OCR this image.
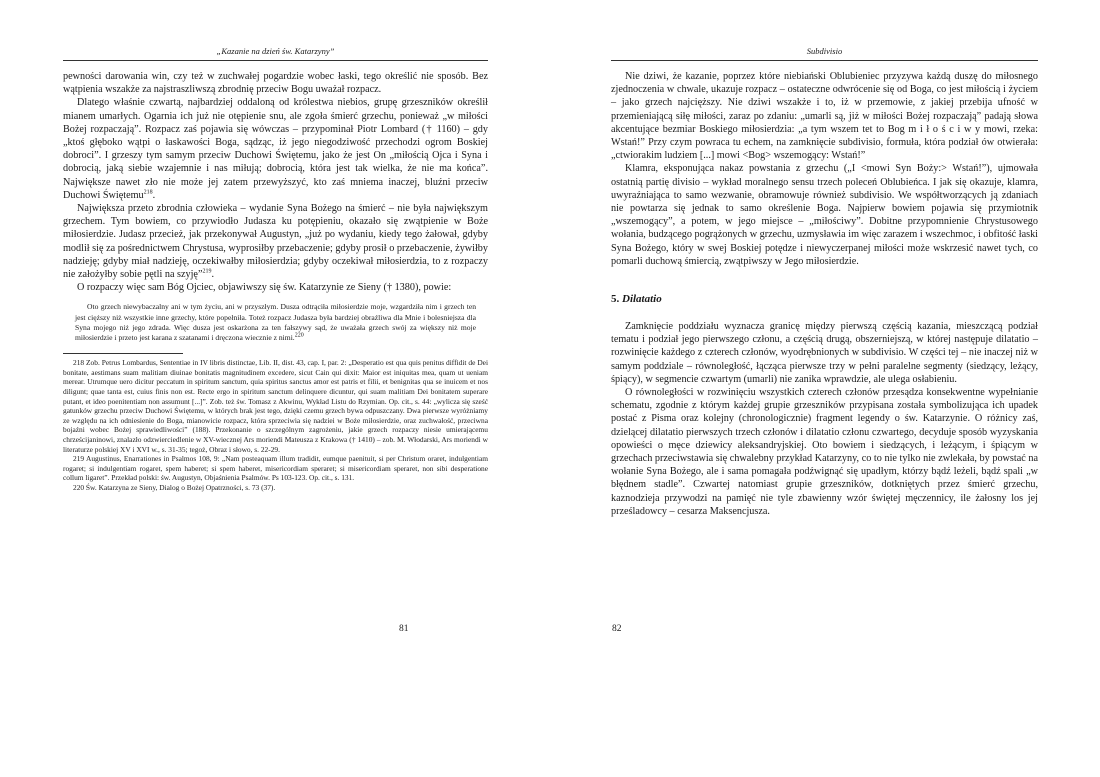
„Kazanie na dzień św. Katarzyny”

pewności darowania win, czy też w zuchwałej pogardzie wobec łaski, tego określić nie sposób. Bez wątpienia wszakże za najstraszliwszą zbrodnię przeciw Bogu uważał rozpacz.

Dlatego właśnie czwartą, najbardziej oddaloną od królestwa niebios, grupę grzeszników określił mianem umarłych. Ogarnia ich już nie otępienie snu, ale zgoła śmierć grzechu, ponieważ „w miłości Bożej rozpaczają”. Rozpacz zaś pojawia się wówczas – przypominał Piotr Lombard († 1160) – gdy „ktoś głęboko wątpi o łaskawości Boga, sądząc, iż jego niegodziwość przechodzi ogrom Boskiej dobroci”. I grzeszy tym samym przeciw Duchowi Świętemu, jako że jest On „miłością Ojca i Syna i dobrocią, jaką siebie wzajemnie i nas miłują; dobrocią, która jest tak wielka, że nie ma końca”. Największe nawet zło nie może jej zatem przewyższyć, kto zaś mniema inaczej, bluźni przeciw Duchowi Świętemu$^{218}$.

Największa przeto zbrodnia człowieka – wydanie Syna Bożego na śmierć – nie była największym grzechem. Tym bowiem, co przywiodło Judasza ku potępieniu, okazało się zwątpienie w Boże miłosierdzie. Judasz przecież, jak przekonywał Augustyn, „już po wydaniu, kiedy tego żałował, gdyby modlił się za pośrednictwem Chrystusa, wyprosiłby przebaczenie; gdyby prosił o przebaczenie, żywiłby nadzieję; gdyby miał nadzieję, oczekiwałby miłosierdzia; gdyby oczekiwał miłosierdzia, to z rozpaczy nie założyłby sobie pętli na szyję”$^{219}$.

O rozpaczy więc sam Bóg Ojciec, objawiwszy się św. Katarzynie ze Sieny († 1380), powie:

Oto grzech niewybaczalny ani w tym życiu, ani w przyszłym. Dusza odtrąciła miłosierdzie moje, wzgardziła nim i grzech ten jest cięższy niż wszystkie inne grzechy, które popełniła. Toteż rozpacz Judasza była bardziej obraźliwa dla Mnie i bolesniejsza dla Syna mojego niż jego zdrada. Więc dusza jest oskarżona za ten fałszywy sąd, że uważała grzech swój za większy niż moje miłosierdzie i przeto jest karana z szatanami i dręczona wiecznie z nimi.$^{220}$

218 Zob. Petrus Lombardus, Sententiae in IV libris distinctae, Lib. II, dist. 43, cap. I, par. 2: „Desperatio est qua quis penitus diffidit de Dei bonitate, aestimans suam malitiam diuinae bonitatis magnitudinem excedere, sicut Cain qui dixit: Maior est iniquitas mea, quam ut ueniam merear. Utrumque uero dicitur peccatum in spiritum sanctum, quia spiritus sanctus amor est patris et filii, et benignitas qua se inuicem et nos diligunt; quae tanta est, cuius finis non est. Recte ergo in spiritum sanctum delinquere dicuntur, qui suam malitiam Dei bonitatem superare putant, et ideo poenitentiam non assumunt [...]”. Zob. też św. Tomasz z Akwinu, Wykład Listu do Rzymian. Op. cit., s. 44: „wylicza się sześć gatunków grzechu przeciw Duchowi Świętemu, w których brak jest tego, dzięki czemu grzech bywa odpuszczany. Dwa pierwsze wyróżniamy ze względu na ich odniesienie do Boga, mianowicie rozpacz, która sprzeciwia się nadziei w Boże miłosierdzie, oraz zuchwałość, przeciwna bojaźni wobec Bożej sprawiedliwości” (188). Przekonanie o szczególnym zagrożeniu, jakie grzech rozpaczy niesie umierającemu chrześcijaninowi, znalazło odzwierciedlenie w XV-wiecznej Ars moriendi Mateusza z Krakowa († 1410) – zob. M. Włodarski, Ars moriendi w literaturze polskiej XV i XVI w., s. 31-35; tegoż, Obraz i słowo, s. 22-29.

219 Augustinus, Enarrationes in Psalmos 108, 9: „Nam posteaquam illum tradidit, eumque paenituit, si per Christum oraret, indulgentiam rogaret; si indulgentiam rogaret, spem haberet; si spem haberet, misericordiam speraret; si misericordiam speraret, non sibi desperatione collum ligaret”. Przekład polski: św. Augustyn, Objaśnienia Psalmów. Ps 103-123. Op. cit., s. 131.

220 Św. Katarzyna ze Sieny, Dialog o Bożej Opatrzności, s. 73 (37).

81
Subdivisio

Nie dziwi, że kazanie, poprzez które niebiański Oblubieniec przyzywa każdą duszę do miłosnego zjednoczenia w chwale, ukazuje rozpacz – ostateczne odwrócenie się od Boga, co jest miłością i życiem – jako grzech najcięższy. Nie dziwi wszakże i to, iż w przemowie, z jakiej przebija ufność w przemieniającą siłę miłości, zaraz po zdaniu: „umarli są, jiż w miłości Bożej rozpaczają” padają słowa akcentujące bezmiar Boskiego miłosierdzia: „a tym wszem tet to Bog m i ł o ś c i w y mowi, rzeka: Wstań!” Przy czym powraca tu echem, na zamknięcie subdivisio, formuła, która podział ów otwierała: „ctwiorakim ludziem [...] mowi <Bog> wszemogący: Wstań!”

Klamra, eksponująca nakaz powstania z grzechu („I <mowi Syn Boży:> Wstań!”), ujmowała ostatnią partię divisio – wykład moralnego sensu trzech poleceń Oblubieńca. I jak się okazuje, klamra, uwyraźniająca to samo wezwanie, obramowuje również subdivisio. We współtworzących ją zdaniach nie powtarza się jednak to samo określenie Boga. Najpierw bowiem pojawia się przymiotnik „wszemogący”, a potem, w jego miejsce – „miłościwy”. Dobitne przypomnienie Chrystusowego wołania, budzącego pogrążonych w grzechu, uzmysławia im więc zarazem i wszechmoc, i obfitość łaski Syna Bożego, który w swej Boskiej potędze i niewyczerpanej miłości może wskrzesić nawet tych, co pomarli duchową śmiercią, zwątpiwszy w Jego miłosierdzie.

5. Dilatatio

Zamknięcie poddziału wyznacza granicę między pierwszą częścią kazania, mieszczącą podział tematu i podział jego pierwszego członu, a częścią drugą, obszerniejszą, w której następuje dilatatio – rozwinięcie każdego z czterech członów, wyodrębnionych w subdivisio. W części tej – nie inaczej niż w samym poddziale – równoległość, łącząca pierwsze trzy w pełni paralelne segmenty (siedzący, leżący, śpiący), w segmencie czwartym (umarli) nie zanika wprawdzie, ale ulega osłabieniu.

O równoległości w rozwinięciu wszystkich czterech członów przesądza konsekwentne wypełnianie schematu, zgodnie z którym każdej grupie grzeszników przypisana została symbolizująca ich upadek postać z Pisma oraz kolejny (chronologicznie) fragment legendy o św. Katarzynie. O różnicy zaś, dzielącej dilatatio pierwszych trzech członów i dilatatio członu czwartego, decyduje sposób wyzyskania opowieści o męce dziewicy aleksandryjskiej. Oto bowiem i siedzących, i leżącym, i śpiącym w grzechach przeciwstawia się chwalebny przykład Katarzyny, co to nie tylko nie zwlekała, by powstać na wołanie Syna Bożego, ale i sama pomagała podźwignąć się upadłym, którzy bądź leżeli, bądź spali „w błędnem stadle”. Czwartej natomiast grupie grzeszników, dotkniętych przez śmierć grzechu, kaznodzieja przywodzi na pamięć nie tyle zbawienny wzór świętej męczennicy, ile żałosny los jej prześladowcy – cesarza Maksencjusza.

82
